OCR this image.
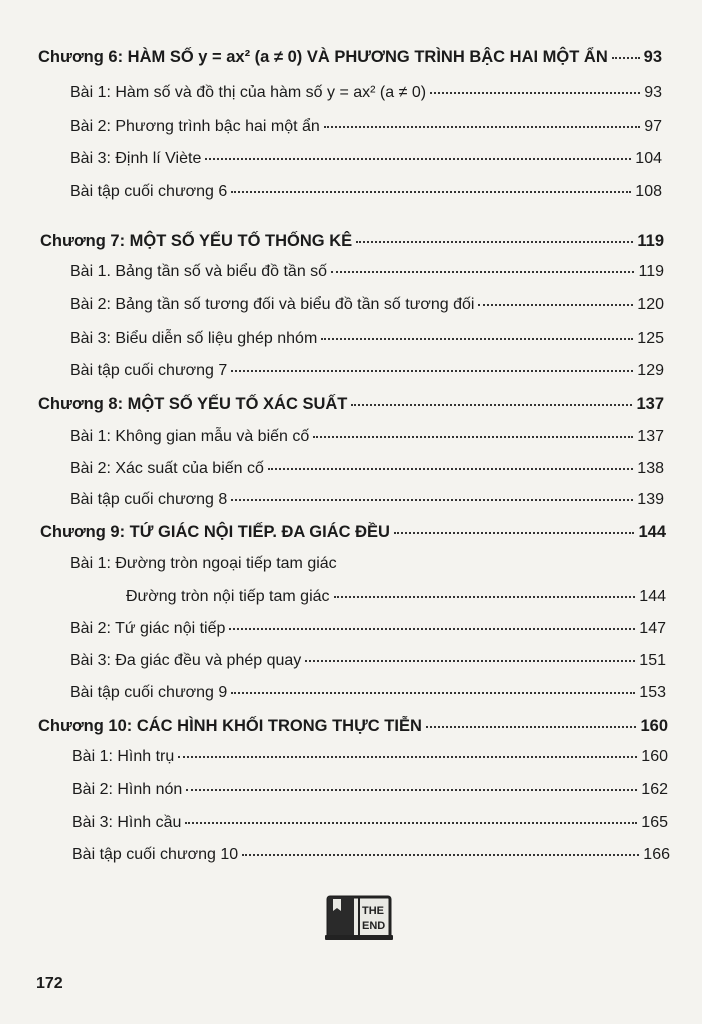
Chương 6: HÀM SỐ y = ax² (a ≠ 0) VÀ PHƯƠNG TRÌNH BẬC HAI MỘT ẨN 93
Bài 1: Hàm số và đồ thị của hàm số y = ax² (a ≠ 0)	93
Bài 2: Phương trình bậc hai một ẩn	97
Bài 3: Định lí Viète	104
Bài tập cuối chương 6	108
Chương 7: MỘT SỐ YẾU TỐ THỐNG KÊ	119
Bài 1. Bảng tần số và biểu đồ tần số	119
Bài 2: Bảng tần số tương đối và biểu đồ tần số tương đối	120
Bài 3: Biểu diễn số liệu ghép nhóm	125
Bài tập cuối chương 7	129
Chương 8: MỘT SỐ YẾU TỐ XÁC SUẤT	137
Bài 1: Không gian mẫu và biến cố	137
Bài 2: Xác suất của biến cố	138
Bài tập cuối chương 8	139
Chương 9: TỨ GIÁC NỘI TIẾP. ĐA GIÁC ĐỀU	144
Bài 1: Đường tròn ngoại tiếp tam giác
Đường tròn nội tiếp tam giác	144
Bài 2: Tứ giác nội tiếp	147
Bài 3: Đa giác đều và phép quay	151
Bài tập cuối chương 9	153
Chương 10: CÁC HÌNH KHỐI TRONG THỰC TIỄN	160
Bài 1: Hình trụ	160
Bài 2: Hình nón	162
Bài 3: Hình cầu	165
Bài tập cuối chương 10	166
THE
END
172
